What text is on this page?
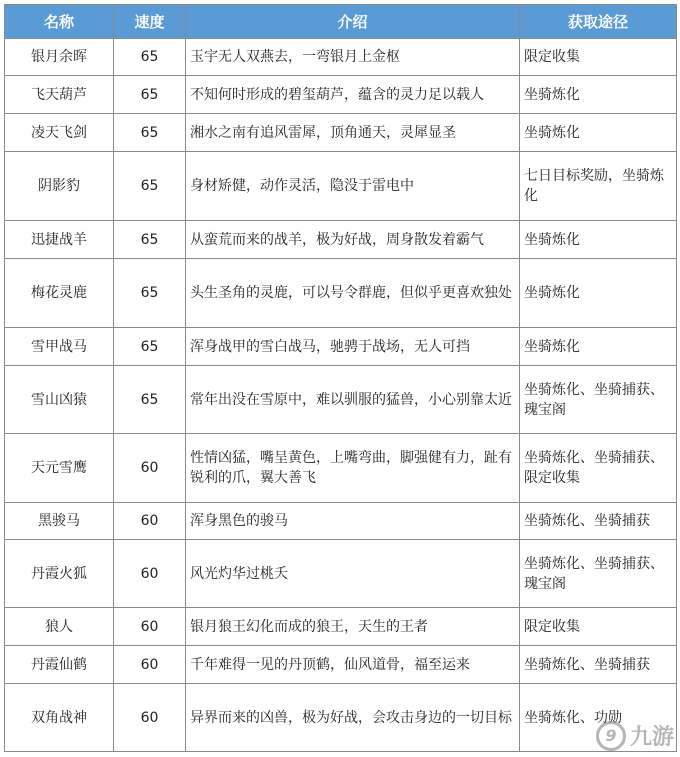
名称	速度	介绍	获取途径
银月余晖	65	玉宇无人双燕去，一弯银月上金枢	限定收集
飞天葫芦	65	不知何时形成的碧玺葫芦，蕴含的灵力足以载人	坐骑炼化
凌天飞剑	65	湘水之南有追风雷犀，顶角通天，灵犀显圣	坐骑炼化
阴影豹	65	身材矫健，动作灵活，隐没于雷电中	七日目标奖励，坐骑炼化
迅捷战羊	65	从蛮荒而来的战羊，极为好战，周身散发着霸气	坐骑炼化
梅花灵鹿	65	头生圣角的灵鹿，可以号令群鹿，但似乎更喜欢独处	坐骑炼化
雪甲战马	65	浑身战甲的雪白战马，驰骋于战场，无人可挡	坐骑炼化
雪山凶猿	65	常年出没在雪原中，难以驯服的猛兽，小心别靠太近	坐骑炼化、坐骑捕获、瑰宝阁
天元雪鹰	60	性情凶猛，嘴呈黄色，上嘴弯曲，脚强健有力，趾有锐利的爪，翼大善飞	坐骑炼化、坐骑捕获、限定收集
黑骏马	60	浑身黑色的骏马	坐骑炼化、坐骑捕获
丹霞火狐	60	风光灼华过桃夭	坐骑炼化、坐骑捕获、瑰宝阁
狼人	60	银月狼王幻化而成的狼王，天生的王者	限定收集
丹霞仙鹤	60	千年难得一见的丹顶鹤，仙风道骨，福至运来	坐骑炼化、坐骑捕获
双角战神	60	异界而来的凶兽，极为好战，会攻击身边的一切目标	坐骑炼化、功勋
9 九游
